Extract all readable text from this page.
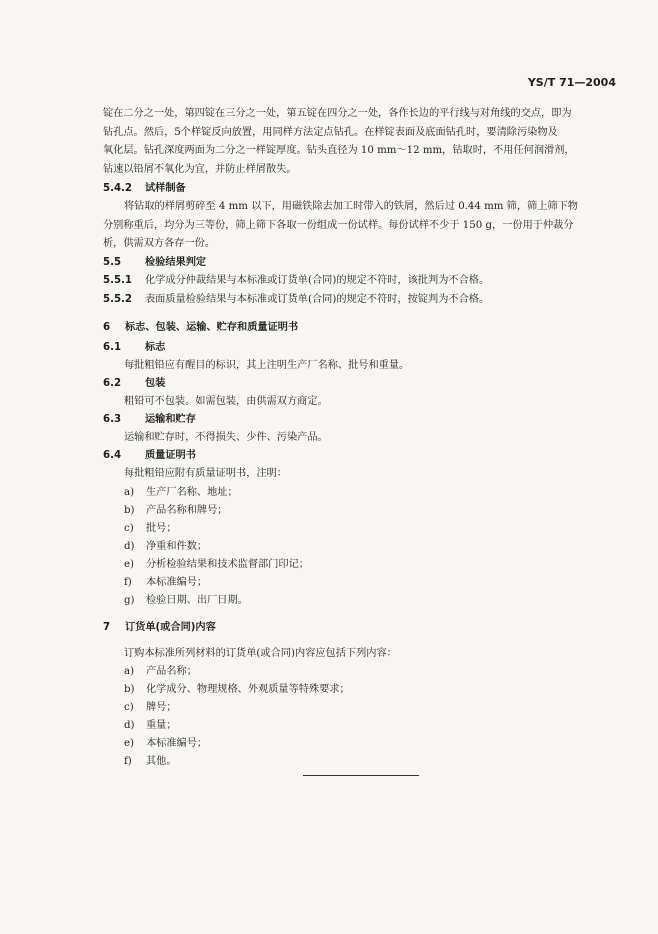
YS/T 71—2004
锭在二分之一处，第四锭在三分之一处，第五锭在四分之一处，各作长边的平行线与对角线的交点，即为
钻孔点。然后，5个样锭反向放置，用同样方法定点钻孔。在样锭表面及底面钻孔时，要清除污染物及
氧化层。钻孔深度两面为二分之一样锭厚度。钻头直径为 10 mm～12 mm，钻取时，不用任何润滑剂，
钻速以铅屑不氧化为宜，并防止样屑散失。
5.4.2 试样制备
将钻取的样屑剪碎至 4 mm 以下，用磁铁除去加工时带入的铁屑，然后过 0.44 mm 筛，筛上筛下物
分别称重后，均分为三等份，筛上筛下各取一份组成一份试样。每份试样不少于 150 g，一份用于仲裁分
析，供需双方各存一份。
5.5 检验结果判定
5.5.1 化学成分仲裁结果与本标准或订货单(合同)的规定不符时，该批判为不合格。
5.5.2 表面质量检验结果与本标准或订货单(合同)的规定不符时，按锭判为不合格。
6 标志、包装、运输、贮存和质量证明书
6.1 标志
每批粗铅应有醒目的标识，其上注明生产厂名称、批号和重量。
6.2 包装
粗铅可不包装。如需包装，由供需双方商定。
6.3 运输和贮存
运输和贮存时，不得损失、少件、污染产品。
6.4 质量证明书
每批粗铅应附有质量证明书，注明：
a) 生产厂名称、地址；
b) 产品名称和牌号；
c) 批号；
d) 净重和件数；
e) 分析检验结果和技术监督部门印记；
f) 本标准编号；
g) 检验日期、出厂日期。
7 订货单(或合同)内容
订购本标准所列材料的订货单(或合同)内容应包括下列内容：
a) 产品名称；
b) 化学成分、物理规格、外观质量等特殊要求；
c) 牌号；
d) 重量；
e) 本标准编号；
f) 其他。
